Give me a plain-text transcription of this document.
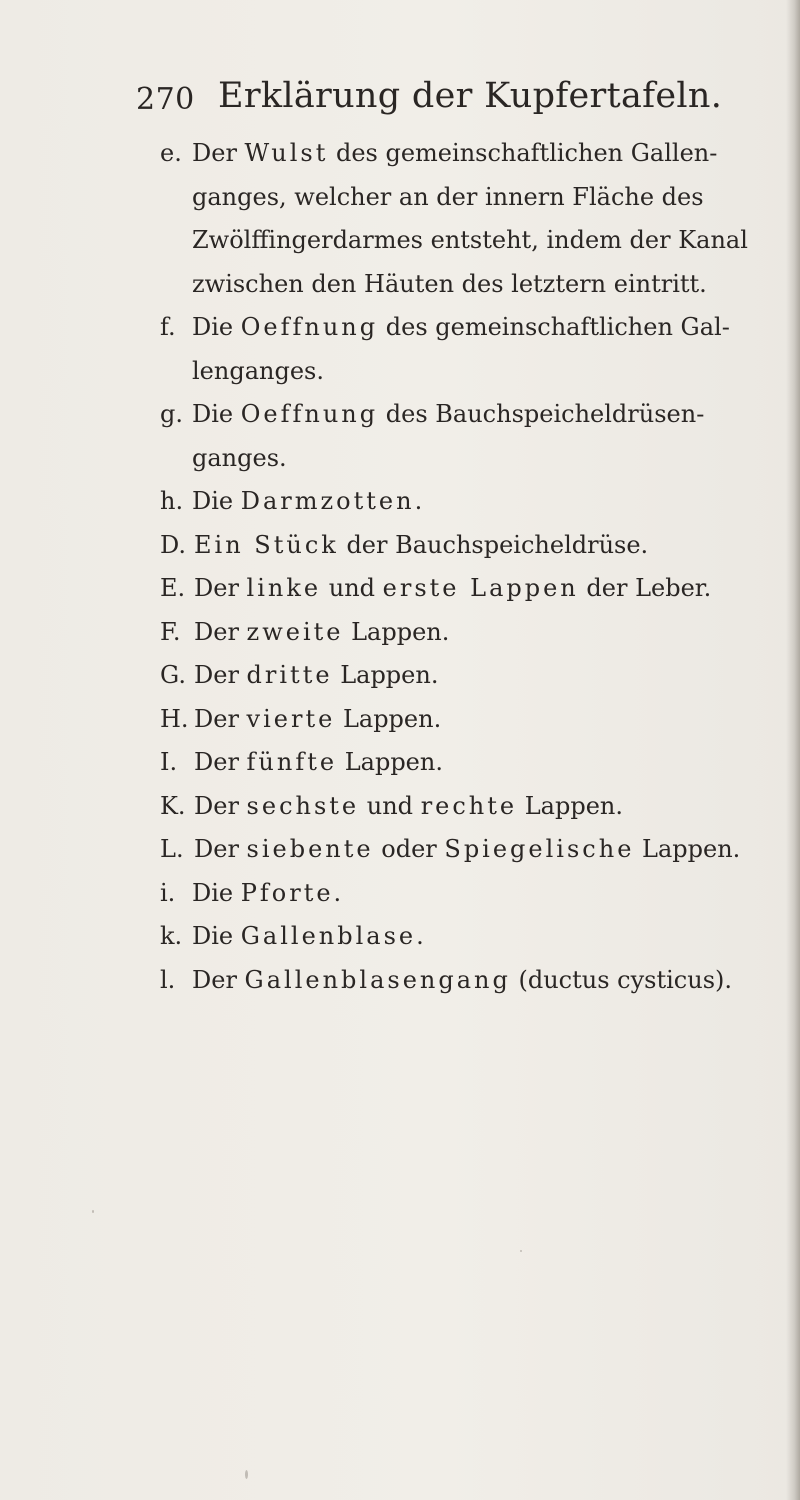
270 Erklärung der Kupfertafeln.
e. Der Wulst des gemeinschaftlichen Gallenganges, welcher an der innern Fläche des Zwölffingerdarmes entsteht, indem der Kanal zwischen den Häuten des letztern eintritt.
f. Die Oeffnung des gemeinschaftlichen Gallenganges.
g. Die Oeffnung des Bauchspeicheldrüsenganges.
h. Die Darmzotten.
D. Ein Stück der Bauchspeicheldrüse.
E. Der linke und erste Lappen der Leber.
F. Der zweite Lappen.
G. Der dritte Lappen.
H. Der vierte Lappen.
I. Der fünfte Lappen.
K. Der sechste und rechte Lappen.
L. Der siebente oder Spiegelische Lappen.
i. Die Pforte.
k. Die Gallenblase.
l. Der Gallenblasengang (ductus cysticus).
